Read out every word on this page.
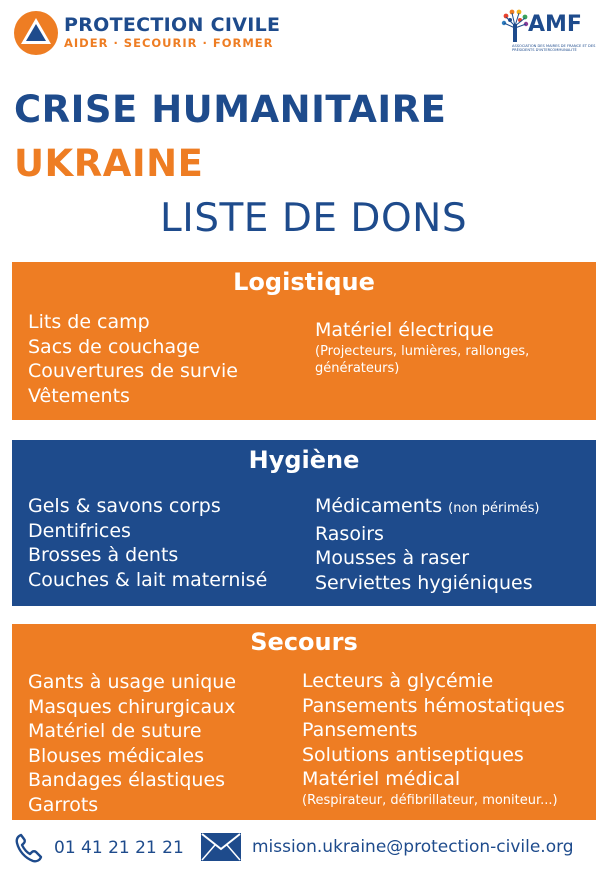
PROTECTION CIVILE
AIDER · SECOURIR · FORMER
AMF
ASSOCIATION DES MAIRES DE FRANCE ET DES PRÉSIDENTS D'INTERCOMMUNALITÉ
CRISE HUMANITAIRE
UKRAINE
LISTE DE DONS
Logistique
Lits de camp
Sacs de couchage
Couvertures de survie
Vêtements
Matériel électrique
(Projecteurs, lumières, rallonges, générateurs)
Hygiène
Gels & savons corps
Dentifrices
Brosses à dents
Couches & lait maternisé
Médicaments (non périmés)
Rasoirs
Mousses à raser
Serviettes hygiéniques
Secours
Gants à usage unique
Masques chirurgicaux
Matériel de suture
Blouses médicales
Bandages élastiques
Garrots
Lecteurs à glycémie
Pansements hémostatiques
Pansements
Solutions antiseptiques
Matériel médical
(Respirateur, défibrillateur, moniteur...)
01 41 21 21 21	mission.ukraine@protection-civile.org
